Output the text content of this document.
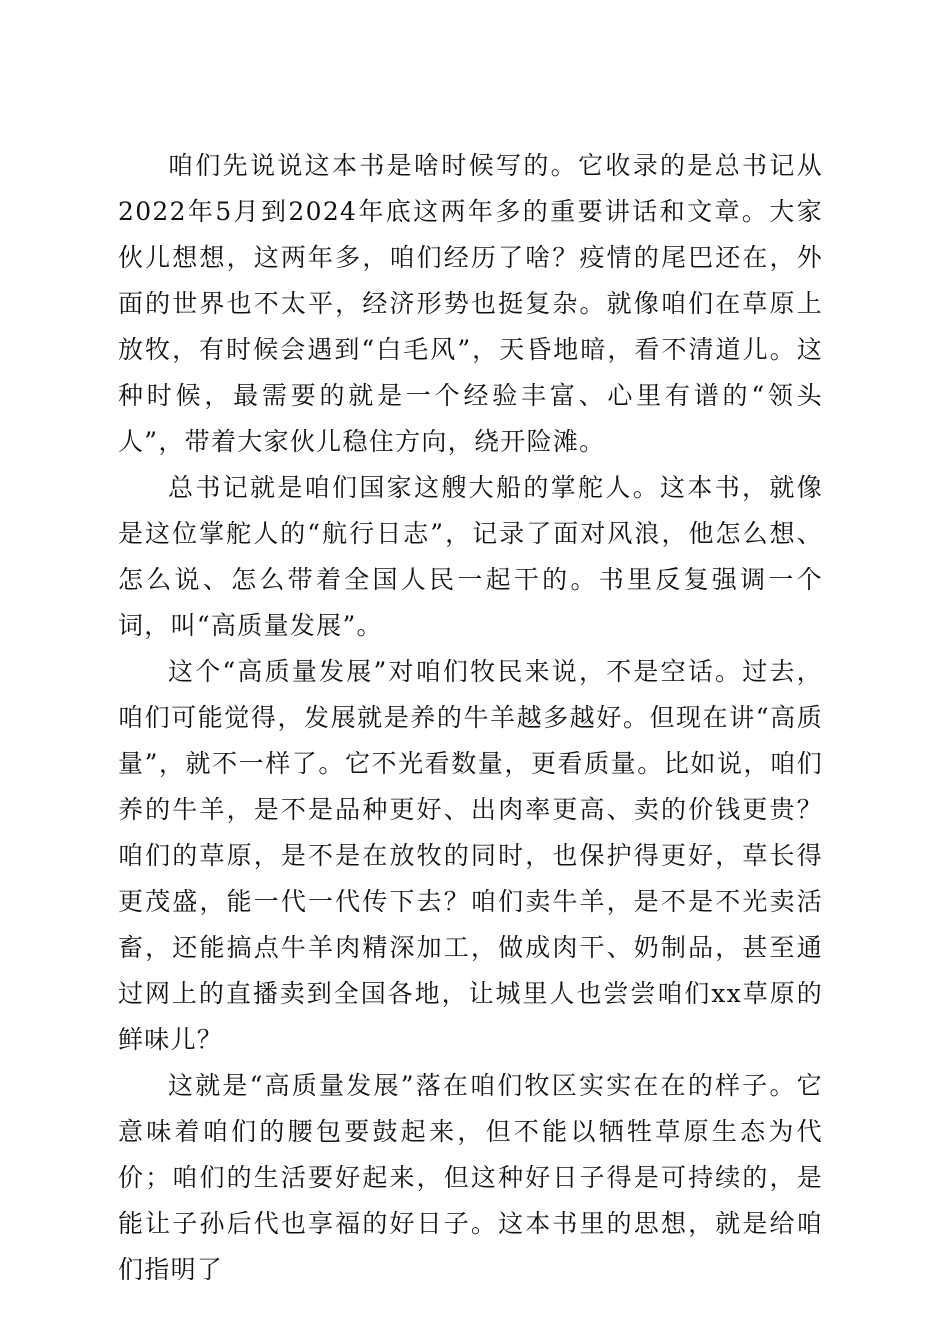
咱们先说说这本书是啥时候写的。它收录的是总书记从2022年5月到2024年底这两年多的重要讲话和文章。大家伙儿想想，这两年多，咱们经历了啥？疫情的尾巴还在，外面的世界也不太平，经济形势也挺复杂。就像咱们在草原上放牧，有时候会遇到“白毛风”，天昏地暗，看不清道儿。这种时候，最需要的就是一个经验丰富、心里有谱的“领头人”，带着大家伙儿稳住方向，绕开险滩。

总书记就是咱们国家这艘大船的掌舵人。这本书，就像是这位掌舵人的“航行日志”，记录了面对风浪，他怎么想、怎么说、怎么带着全国人民一起干的。书里反复强调一个词，叫“高质量发展”。

这个“高质量发展”对咱们牧民来说，不是空话。过去，咱们可能觉得，发展就是养的牛羊越多越好。但现在讲“高质量”，就不一样了。它不光看数量，更看质量。比如说，咱们养的牛羊，是不是品种更好、出肉率更高、卖的价钱更贵？咱们的草原，是不是在放牧的同时，也保护得更好，草长得更茂盛，能一代一代传下去？咱们卖牛羊，是不是不光卖活畜，还能搞点牛羊肉精深加工，做成肉干、奶制品，甚至通过网上的直播卖到全国各地，让城里人也尝尝咱们xx草原的鲜味儿？

这就是“高质量发展”落在咱们牧区实实在在的样子。它意味着咱们的腰包要鼓起来，但不能以牺牲草原生态为代价；咱们的生活要好起来，但这种好日子得是可持续的，是能让子孙后代也享福的好日子。这本书里的思想，就是给咱们指明了
